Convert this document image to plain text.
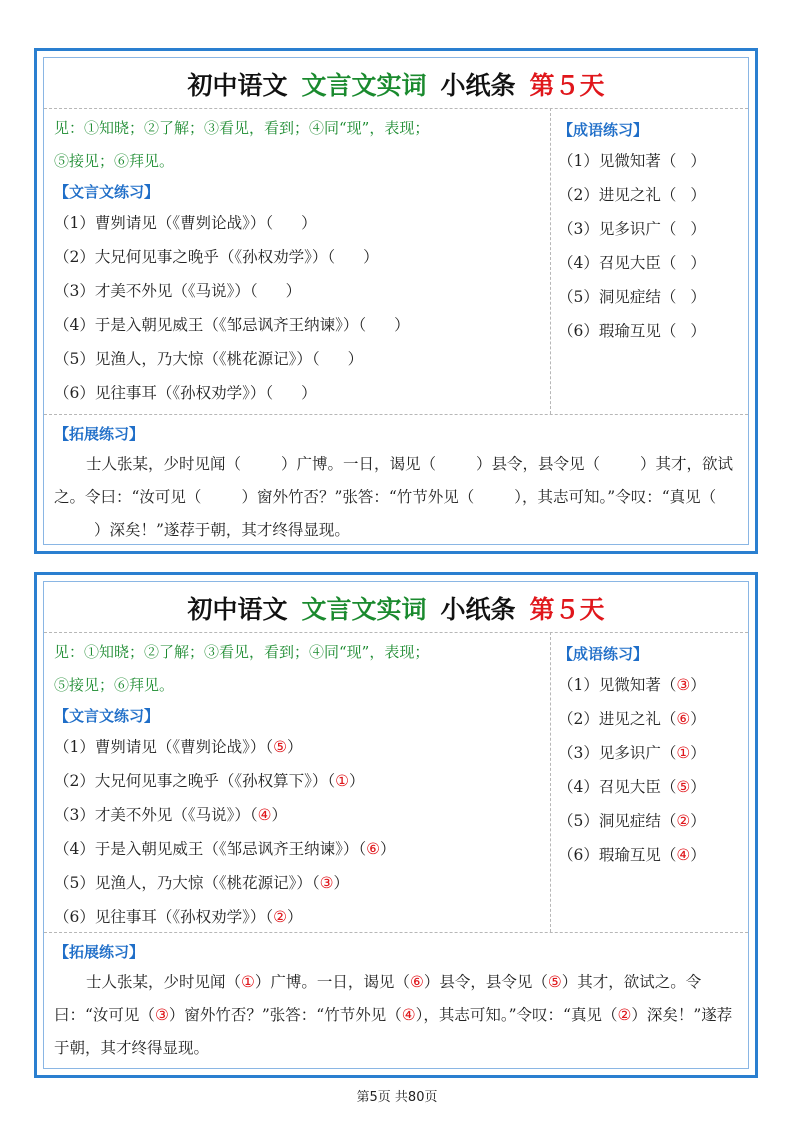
初中语文 文言文实词 小纸条 第５天
见：①知晓；②了解；③看见，看到；④同“现”，表现；
⑤接见；⑥拜见。
【文言文练习】
（1）曹刿请见（《曹刿论战》）（ ）
（2）大兄何见事之晚乎（《孙权劝学》）（ ）
（3）才美不外见（《马说》）（ ）
（4）于是入朝见威王（《邹忌讽齐王纳谏》）（ ）
（5）见渔人，乃大惊（《桃花源记》）（ ）
（6）见往事耳（《孙权劝学》）（ ）
【成语练习】
（1）见微知著（ ）
（2）进见之礼（ ）
（3）见多识广（ ）
（4）召见大臣（ ）
（5）洞见症结（ ）
（6）瑕瑜互见（ ）
【拓展练习】
士人张某，少时见闻（	）广博。一日，谒见（	）县令，县令见（	）其才，欲试之。令曰：“汝可见（	）窗外竹否？”张答：“竹节外见（	），其志可知。”令叹：“真见（）深矣！”遂荐于朝，其才终得显现。
初中语文 文言文实词 小纸条 第５天
见：①知晓；②了解；③看见，看到；④同“现”，表现；
⑤接见；⑥拜见。
【文言文练习】
（1）曹刿请见（《曹刿论战》）（⑤）
（2）大兄何见事之晚乎（《孙权算下》）（①）
（3）才美不外见（《马说》）（④）
（4）于是入朝见威王（《邹忌讽齐王纳谏》）（⑥）
（5）见渔人，乃大惊（《桃花源记》）（③）
（6）见往事耳（《孙权劝学》）（②）
【成语练习】
（1）见微知著（③）
（2）进见之礼（⑥）
（3）见多识广（①）
（4）召见大臣（⑤）
（5）洞见症结（②）
（6）瑕瑜互见（④）
【拓展练习】
士人张某，少时见闻（①）广博。一日，谒见（⑥）县令，县令见（⑤）其才，欲试之。令曰：“汝可见（③）窗外竹否？”张答：“竹节外见（④），其志可知。”令叹：“真见（②）深矣！”遂荐于朝，其才终得显现。
第5页 共80页
